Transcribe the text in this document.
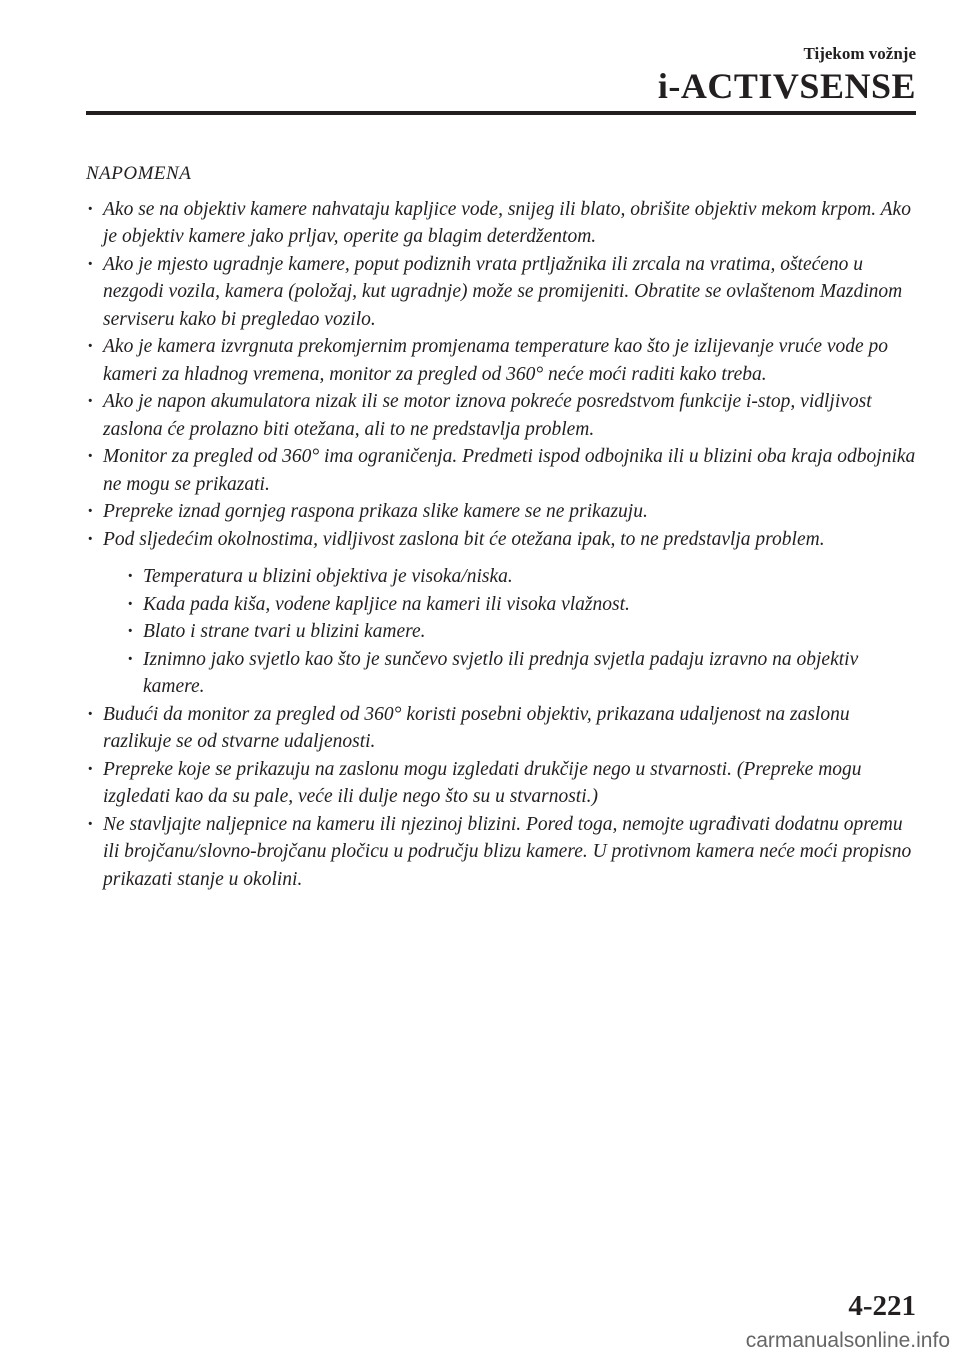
Tijekom vožnje
i-ACTIVSENSE
NAPOMENA
· Ako se na objektiv kamere nahvataju kapljice vode, snijeg ili blato, obrišite objektiv mekom krpom. Ako je objektiv kamere jako prljav, operite ga blagim deterdžentom.
· Ako je mjesto ugradnje kamere, poput podiznih vrata prtljažnika ili zrcala na vratima, oštećeno u nezgodi vozila, kamera (položaj, kut ugradnje) može se promijeniti. Obratite se ovlaštenom Mazdinom serviseru kako bi pregledao vozilo.
· Ako je kamera izvrgnuta prekomjernim promjenama temperature kao što je izlijevanje vruće vode po kameri za hladnog vremena, monitor za pregled od 360° neće moći raditi kako treba.
· Ako je napon akumulatora nizak ili se motor iznova pokreće posredstvom funkcije i-stop, vidljivost zaslona će prolazno biti otežana, ali to ne predstavlja problem.
· Monitor za pregled od 360° ima ograničenja. Predmeti ispod odbojnika ili u blizini oba kraja odbojnika ne mogu se prikazati.
· Prepreke iznad gornjeg raspona prikaza slike kamere se ne prikazuju.
· Pod sljedećim okolnostima, vidljivost zaslona bit će otežana ipak, to ne predstavlja problem.
· Temperatura u blizini objektiva je visoka/niska.
· Kada pada kiša, vodene kapljice na kameri ili visoka vlažnost.
· Blato i strane tvari u blizini kamere.
· Iznimno jako svjetlo kao što je sunčevo svjetlo ili prednja svjetla padaju izravno na objektiv kamere.
· Budući da monitor za pregled od 360° koristi posebni objektiv, prikazana udaljenost na zaslonu razlikuje se od stvarne udaljenosti.
· Prepreke koje se prikazuju na zaslonu mogu izgledati drukčije nego u stvarnosti. (Prepreke mogu izgledati kao da su pale, veće ili dulje nego što su u stvarnosti.)
· Ne stavljajte naljepnice na kameru ili njezinoj blizini. Pored toga, nemojte ugrađivati dodatnu opremu ili brojčanu/slovno-brojčanu pločicu u području blizu kamere. U protivnom kamera neće moći propisno prikazati stanje u okolini.
4-221
carmanualsonline.info
